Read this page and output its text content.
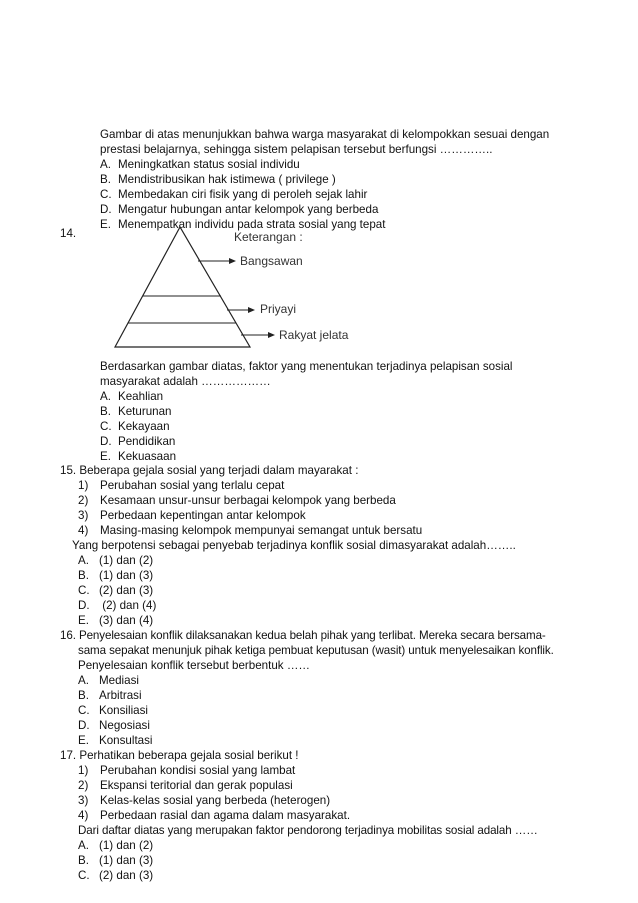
Gambar di atas menunjukkan bahwa warga masyarakat di kelompokkan sesuai dengan
prestasi belajarnya, sehingga sistem pelapisan tersebut berfungsi …………..
A. Meningkatkan status sosial individu
B. Mendistribusikan hak istimewa ( privilege )
C. Membedakan ciri fisik yang di peroleh sejak lahir
D. Mengatur hubungan antar kelompok yang berbeda
E. Menempatkan individu pada strata sosial yang tepat
14.	Keterangan :
Bangsawan
Priyayi
Rakyat jelata
Berdasarkan gambar diatas, faktor yang menentukan terjadinya pelapisan sosial
masyarakat adalah ………………
A. Keahlian
B. Keturunan
C. Kekayaan
D. Pendidikan
E. Kekuasaan
15. Beberapa gejala sosial yang terjadi dalam mayarakat :
1) Perubahan sosial yang terlalu cepat
2) Kesamaan unsur-unsur berbagai kelompok yang berbeda
3) Perbedaan kepentingan antar kelompok
4) Masing-masing kelompok mempunyai semangat untuk bersatu
Yang berpotensi sebagai penyebab terjadinya konflik sosial dimasyarakat adalah……..
A. (1) dan (2)
B. (1) dan (3)
C. (2) dan (3)
D. (2) dan (4)
E. (3) dan (4)
16. Penyelesaian konflik dilaksanakan kedua belah pihak yang terlibat. Mereka secara bersama-
sama sepakat menunjuk pihak ketiga pembuat keputusan (wasit) untuk menyelesaikan konflik.
Penyelesaian konflik tersebut berbentuk ……
A. Mediasi
B. Arbitrasi
C. Konsiliasi
D. Negosiasi
E. Konsultasi
17. Perhatikan beberapa gejala sosial berikut !
1) Perubahan kondisi sosial yang lambat
2) Ekspansi teritorial dan gerak populasi
3) Kelas-kelas sosial yang berbeda (heterogen)
4) Perbedaan rasial dan agama dalam masyarakat.
Dari daftar diatas yang merupakan faktor pendorong terjadinya mobilitas sosial adalah ……
A. (1) dan (2)
B. (1) dan (3)
C. (2) dan (3)
